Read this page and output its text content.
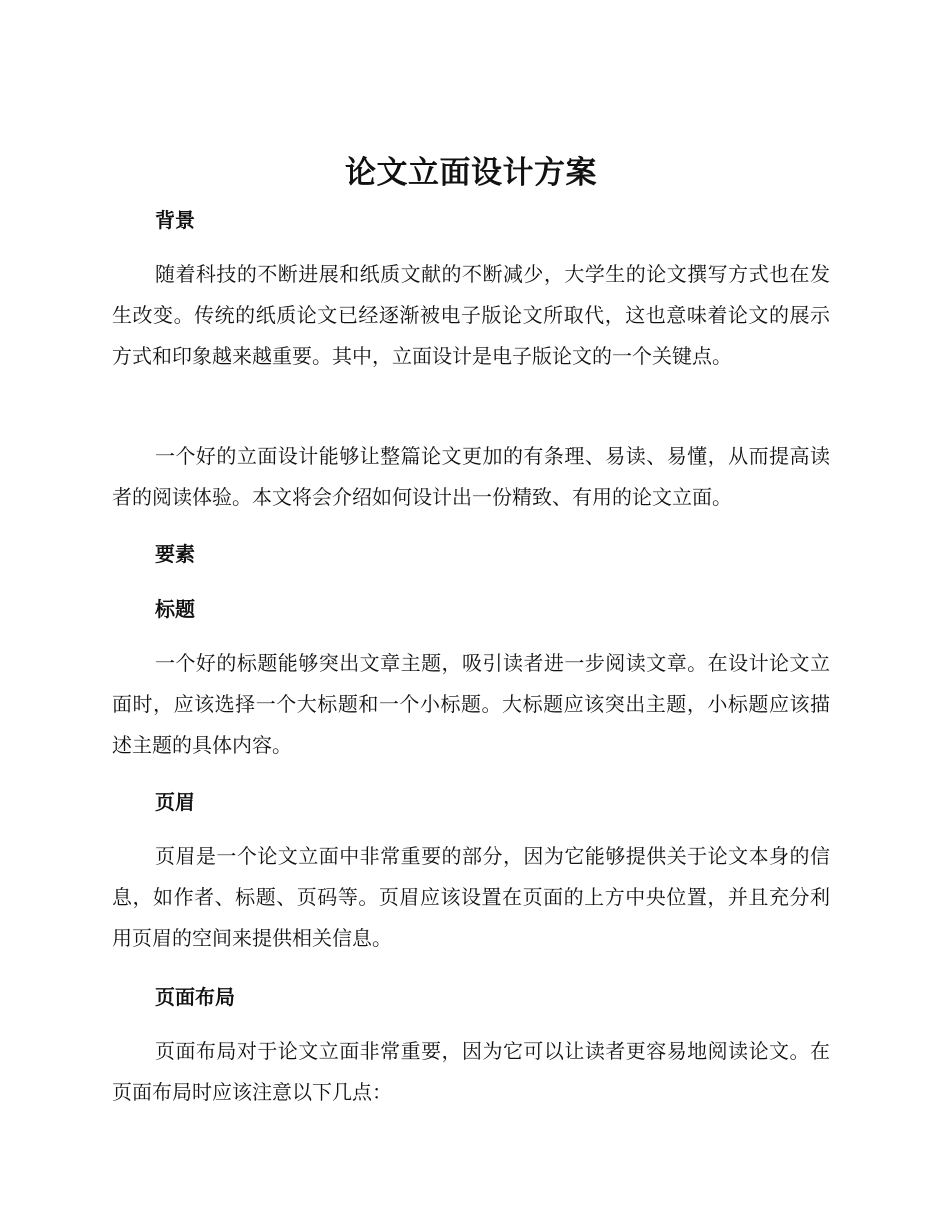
论文立面设计方案
背景

随着科技的不断进展和纸质文献的不断减少，大学生的论文撰写方式也在发生改变。传统的纸质论文已经逐渐被电子版论文所取代，这也意味着论文的展示方式和印象越来越重要。其中，立面设计是电子版论文的一个关键点。

一个好的立面设计能够让整篇论文更加的有条理、易读、易懂，从而提高读者的阅读体验。本文将会介绍如何设计出一份精致、有用的论文立面。

要素
标题

一个好的标题能够突出文章主题，吸引读者进一步阅读文章。在设计论文立面时，应该选择一个大标题和一个小标题。大标题应该突出主题，小标题应该描述主题的具体内容。

页眉

页眉是一个论文立面中非常重要的部分，因为它能够提供关于论文本身的信息，如作者、标题、页码等。页眉应该设置在页面的上方中央位置，并且充分利用页眉的空间来提供相关信息。

页面布局

页面布局对于论文立面非常重要，因为它可以让读者更容易地阅读论文。在页面布局时应该注意以下几点：
